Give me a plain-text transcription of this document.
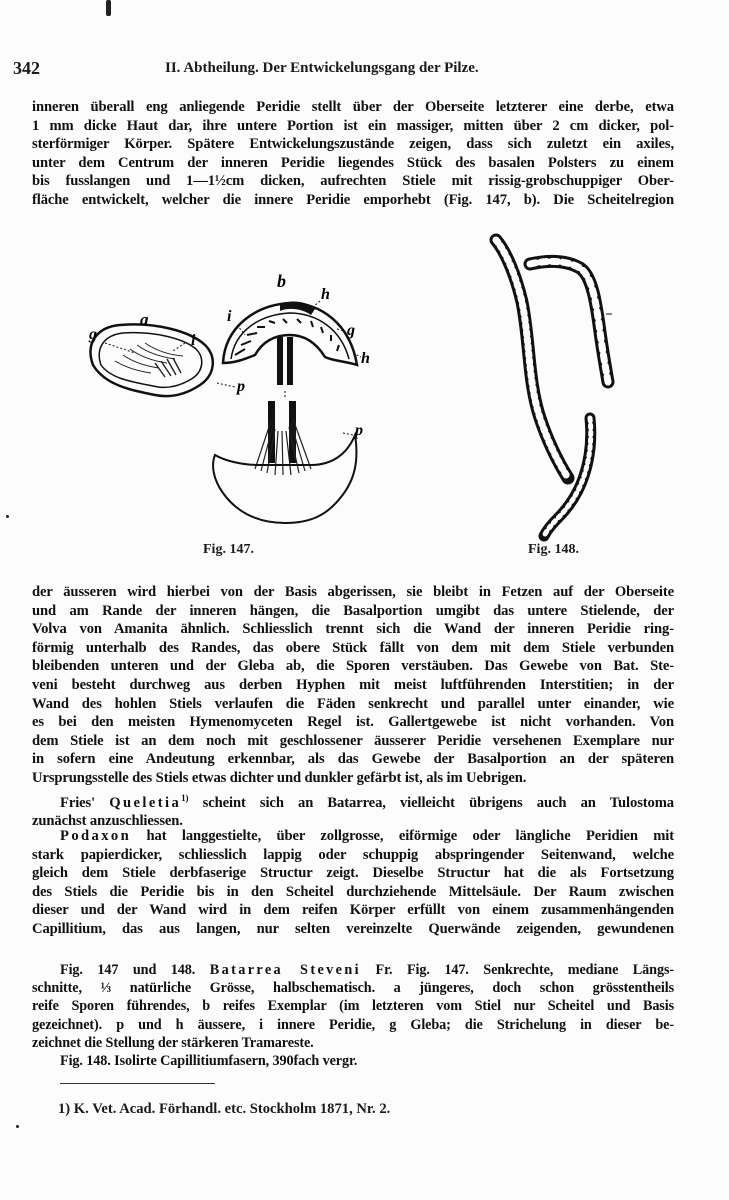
342	II. Abtheilung. Der Entwickelungsgang der Pilze.
inneren überall eng anliegende Peridie stellt über der Oberseite letzterer eine derbe, etwa
1 mm dicke Haut dar, ihre untere Portion ist ein massiger, mitten über 2 cm dicker, pol-
sterförmiger Körper. Spätere Entwickelungszustände zeigen, dass sich zuletzt ein axiles,
unter dem Centrum der inneren Peridie liegendes Stück des basalen Polsters zu einem
bis fusslangen und 1—1½cm dicken, aufrechten Stiele mit rissig-grobschuppiger Ober-
fläche entwickelt, welcher die innere Peridie emporhebt (Fig. 147, b). Die Scheitelregion
a
g	i
p
b
h
i
g
h
p
Fig. 147.	Fig. 148.
der äusseren wird hierbei von der Basis abgerissen, sie bleibt in Fetzen auf der Oberseite
und am Rande der inneren hängen, die Basalportion umgibt das untere Stielende, der
Volva von Amanita ähnlich. Schliesslich trennt sich die Wand der inneren Peridie ring-
förmig unterhalb des Randes, das obere Stück fällt von dem mit dem Stiele verbunden
bleibenden unteren und der Gleba ab, die Sporen verstäuben. Das Gewebe von Bat. Ste-
veni besteht durchweg aus derben Hyphen mit meist luftführenden Interstitien; in der
Wand des hohlen Stiels verlaufen die Fäden senkrecht und parallel unter einander, wie
es bei den meisten Hymenomyceten Regel ist. Gallertgewebe ist nicht vorhanden. Von
dem Stiele ist an dem noch mit geschlossener äusserer Peridie versehenen Exemplare nur
in sofern eine Andeutung erkennbar, als das Gewebe der Basalportion an der späteren
Ursprungsstelle des Stiels etwas dichter und dunkler gefärbt ist, als im Uebrigen.
Fries' Queletia$^{1)}$ scheint sich an Batarrea, vielleicht übrigens auch an Tulostoma
zunächst anzuschliessen.
Podaxon hat langgestielte, über zollgrosse, eiförmige oder längliche Peridien mit
stark papierdicker, schliesslich lappig oder schuppig abspringender Seitenwand, welche
gleich dem Stiele derbfaserige Structur zeigt. Dieselbe Structur hat die als Fortsetzung
des Stiels die Peridie bis in den Scheitel durchziehende Mittelsäule. Der Raum zwischen
dieser und der Wand wird in dem reifen Körper erfüllt von einem zusammenhängenden
Capillitium, das aus langen, nur selten vereinzelte Querwände zeigenden, gewundenen
Fig. 147 und 148. Batarrea Steveni Fr. Fig. 147. Senkrechte, mediane Längs-
schnitte, ⅓ natürliche Grösse, halbschematisch. a jüngeres, doch schon grösstentheils
reife Sporen führendes, b reifes Exemplar (im letzteren vom Stiel nur Scheitel und Basis
gezeichnet). p und h äussere, i innere Peridie, g Gleba; die Strichelung in dieser be-
zeichnet die Stellung der stärkeren Tramareste.
Fig. 148. Isolirte Capillitiumfasern, 390fach vergr.
1) K. Vet. Acad. Förhandl. etc. Stockholm 1871, Nr. 2.
